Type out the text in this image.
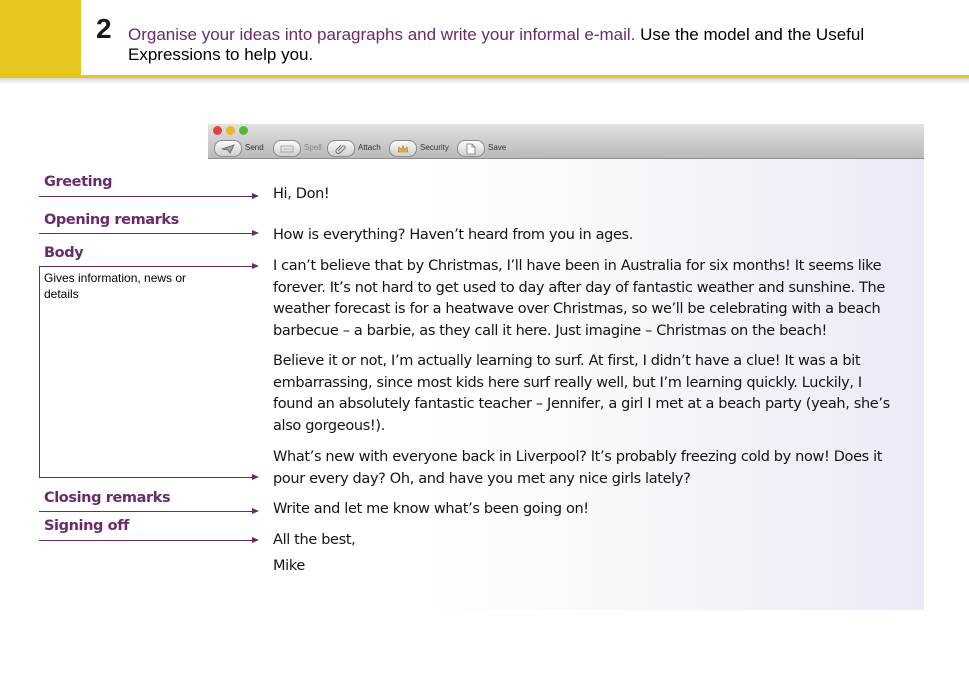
2 Organise your ideas into paragraphs and write your informal e-mail. Use the model and the Useful Expressions to help you.
Send	Spell	Attach	Security	Save
Hi, Don!
How is everything? Haven’t heard from you in ages.
I can’t believe that by Christmas, I’ll have been in Australia for six months! It seems like forever. It’s not hard to get used to day after day of fantastic weather and sunshine. The weather forecast is for a heatwave over Christmas, so we’ll be celebrating with a beach barbecue – a barbie, as they call it here. Just imagine – Christmas on the beach!
Believe it or not, I’m actually learning to surf. At first, I didn’t have a clue! It was a bit embarrassing, since most kids here surf really well, but I’m learning quickly. Luckily, I found an absolutely fantastic teacher – Jennifer, a girl I met at a beach party (yeah, she’s also gorgeous!).
What’s new with everyone back in Liverpool? It’s probably freezing cold by now! Does it pour every day? Oh, and have you met any nice girls lately?
Write and let me know what’s been going on!
All the best,
Mike
Greeting
Opening remarks
Body
Gives information, news or details
Closing remarks
Signing off
